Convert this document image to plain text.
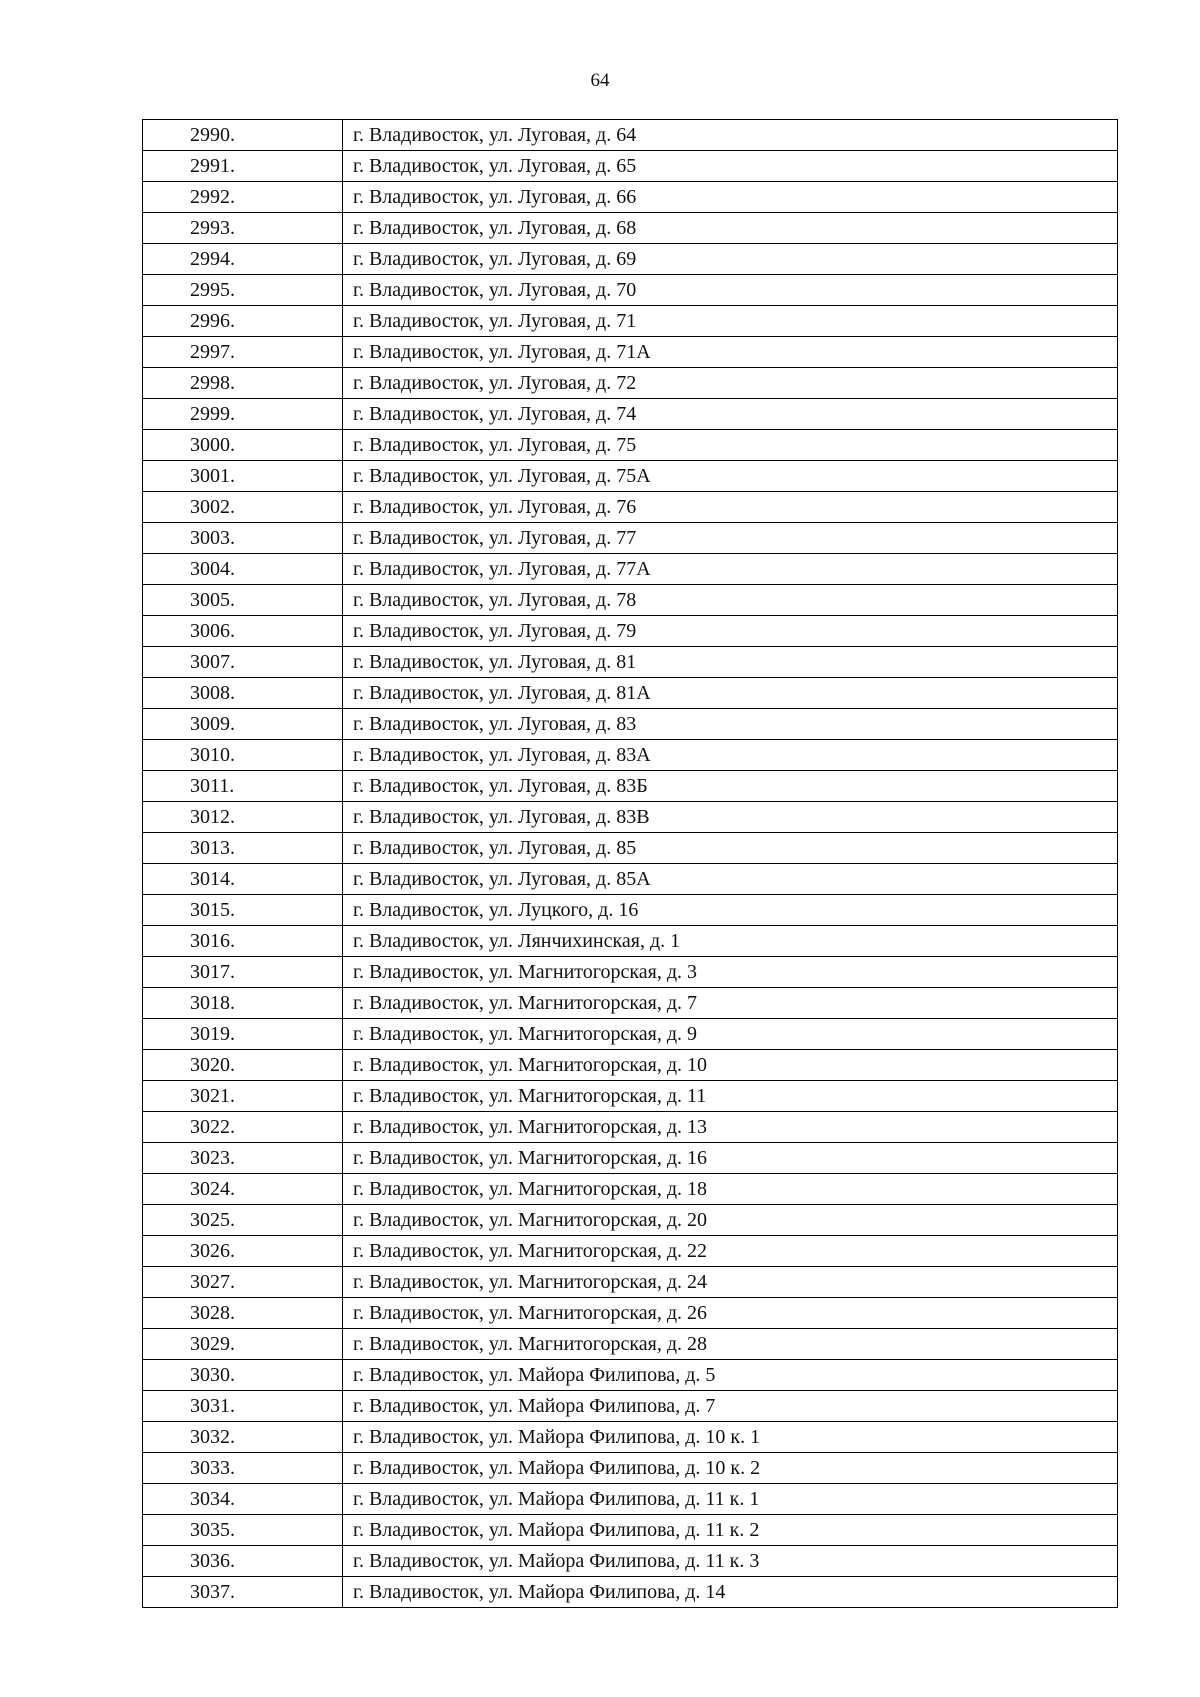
64
2990.	г. Владивосток, ул. Луговая, д. 64
2991.	г. Владивосток, ул. Луговая, д. 65
2992.	г. Владивосток, ул. Луговая, д. 66
2993.	г. Владивосток, ул. Луговая, д. 68
2994.	г. Владивосток, ул. Луговая, д. 69
2995.	г. Владивосток, ул. Луговая, д. 70
2996.	г. Владивосток, ул. Луговая, д. 71
2997.	г. Владивосток, ул. Луговая, д. 71А
2998.	г. Владивосток, ул. Луговая, д. 72
2999.	г. Владивосток, ул. Луговая, д. 74
3000.	г. Владивосток, ул. Луговая, д. 75
3001.	г. Владивосток, ул. Луговая, д. 75А
3002.	г. Владивосток, ул. Луговая, д. 76
3003.	г. Владивосток, ул. Луговая, д. 77
3004.	г. Владивосток, ул. Луговая, д. 77А
3005.	г. Владивосток, ул. Луговая, д. 78
3006.	г. Владивосток, ул. Луговая, д. 79
3007.	г. Владивосток, ул. Луговая, д. 81
3008.	г. Владивосток, ул. Луговая, д. 81А
3009.	г. Владивосток, ул. Луговая, д. 83
3010.	г. Владивосток, ул. Луговая, д. 83А
3011.	г. Владивосток, ул. Луговая, д. 83Б
3012.	г. Владивосток, ул. Луговая, д. 83В
3013.	г. Владивосток, ул. Луговая, д. 85
3014.	г. Владивосток, ул. Луговая, д. 85А
3015.	г. Владивосток, ул. Луцкого, д. 16
3016.	г. Владивосток, ул. Лянчихинская, д. 1
3017.	г. Владивосток, ул. Магнитогорская, д. 3
3018.	г. Владивосток, ул. Магнитогорская, д. 7
3019.	г. Владивосток, ул. Магнитогорская, д. 9
3020.	г. Владивосток, ул. Магнитогорская, д. 10
3021.	г. Владивосток, ул. Магнитогорская, д. 11
3022.	г. Владивосток, ул. Магнитогорская, д. 13
3023.	г. Владивосток, ул. Магнитогорская, д. 16
3024.	г. Владивосток, ул. Магнитогорская, д. 18
3025.	г. Владивосток, ул. Магнитогорская, д. 20
3026.	г. Владивосток, ул. Магнитогорская, д. 22
3027.	г. Владивосток, ул. Магнитогорская, д. 24
3028.	г. Владивосток, ул. Магнитогорская, д. 26
3029.	г. Владивосток, ул. Магнитогорская, д. 28
3030.	г. Владивосток, ул. Майора Филипова, д. 5
3031.	г. Владивосток, ул. Майора Филипова, д. 7
3032.	г. Владивосток, ул. Майора Филипова, д. 10 к. 1
3033.	г. Владивосток, ул. Майора Филипова, д. 10 к. 2
3034.	г. Владивосток, ул. Майора Филипова, д. 11 к. 1
3035.	г. Владивосток, ул. Майора Филипова, д. 11 к. 2
3036.	г. Владивосток, ул. Майора Филипова, д. 11 к. 3
3037.	г. Владивосток, ул. Майора Филипова, д. 14
